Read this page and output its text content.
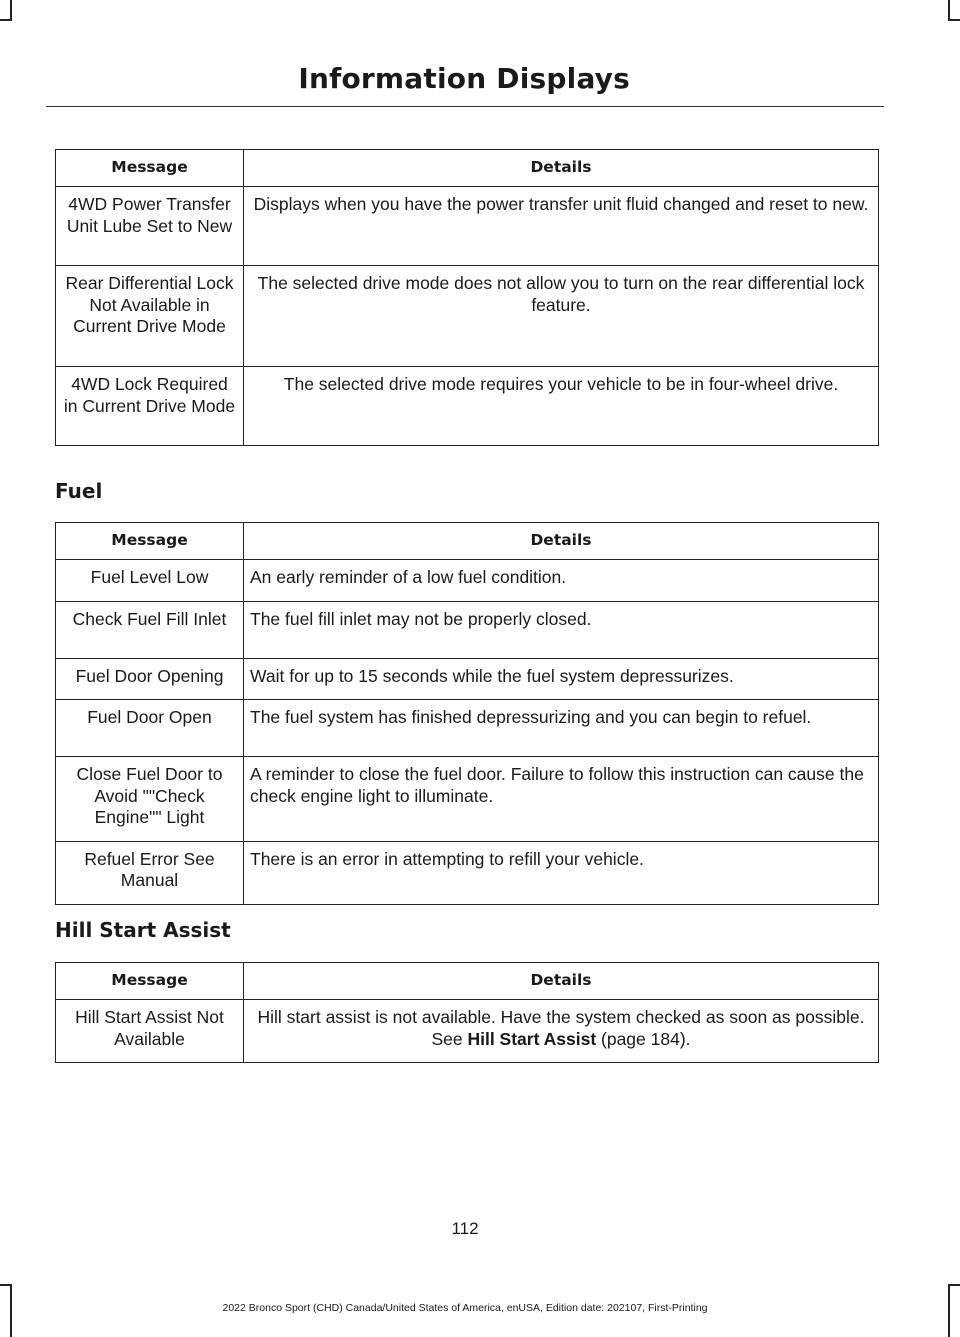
Information Displays
Message	Details
4WD Power Transfer Unit Lube Set to New	Displays when you have the power transfer unit fluid changed and reset to new.
Rear Differential Lock Not Available in Current Drive Mode	The selected drive mode does not allow you to turn on the rear differential lock feature.
4WD Lock Required in Current Drive Mode	The selected drive mode requires your vehicle to be in four-wheel drive.
Fuel
Message	Details
Fuel Level Low	An early reminder of a low fuel condition.
Check Fuel Fill Inlet	The fuel fill inlet may not be properly closed.
Fuel Door Opening	Wait for up to 15 seconds while the fuel system depressurizes.
Fuel Door Open	The fuel system has finished depressurizing and you can begin to refuel.
Close Fuel Door to Avoid ""Check Engine"" Light	A reminder to close the fuel door. Failure to follow this instruction can cause the check engine light to illuminate.
Refuel Error See Manual	There is an error in attempting to refill your vehicle.
Hill Start Assist
Message	Details
Hill Start Assist Not Available	Hill start assist is not available. Have the system checked as soon as possible.  See Hill Start Assist (page 184).
112
2022 Bronco Sport (CHD) Canada/United States of America, enUSA, Edition date: 202107, First-Printing
